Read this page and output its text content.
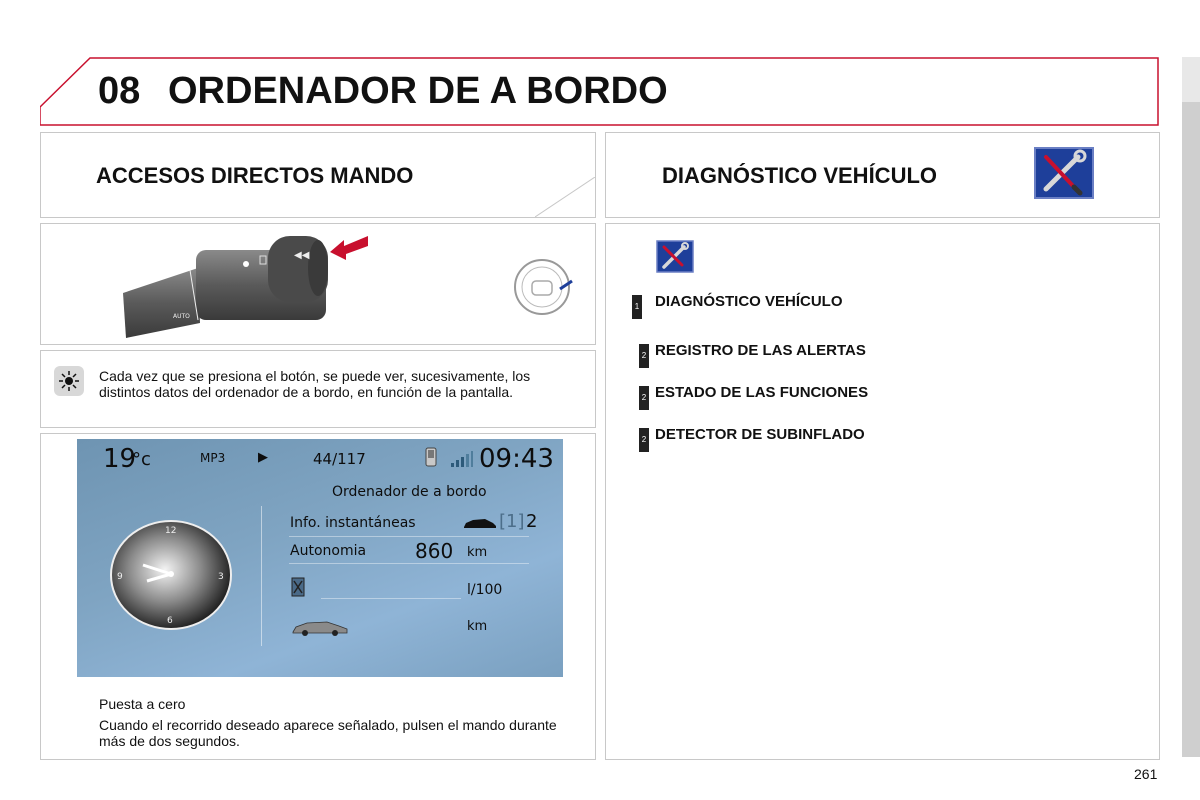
08 ORDENADOR DE A BORDO
ACCESOS DIRECTOS MANDO	DIAGNÓSTICO VEHÍCULO
◀◀
AUTO
Cada vez que se presiona el botón, se puede ver, sucesivamente, los distintos datos del ordenador de a bordo, en función de la pantalla.
19
°c	MP3	▶	44/117	09:43
Ordenador de a bordo
12
3
6
9
Info. instantáneas	[1] 2
Autonomia 860 km
l/100
km
Puesta a cero
Cuando el recorrido deseado aparece señalado, pulsen el mando durante más de dos segundos.
1 DIAGNÓSTICO VEHÍCULO
2 REGISTRO DE LAS ALERTAS
2 ESTADO DE LAS FUNCIONES
2 DETECTOR DE SUBINFLADO
261
